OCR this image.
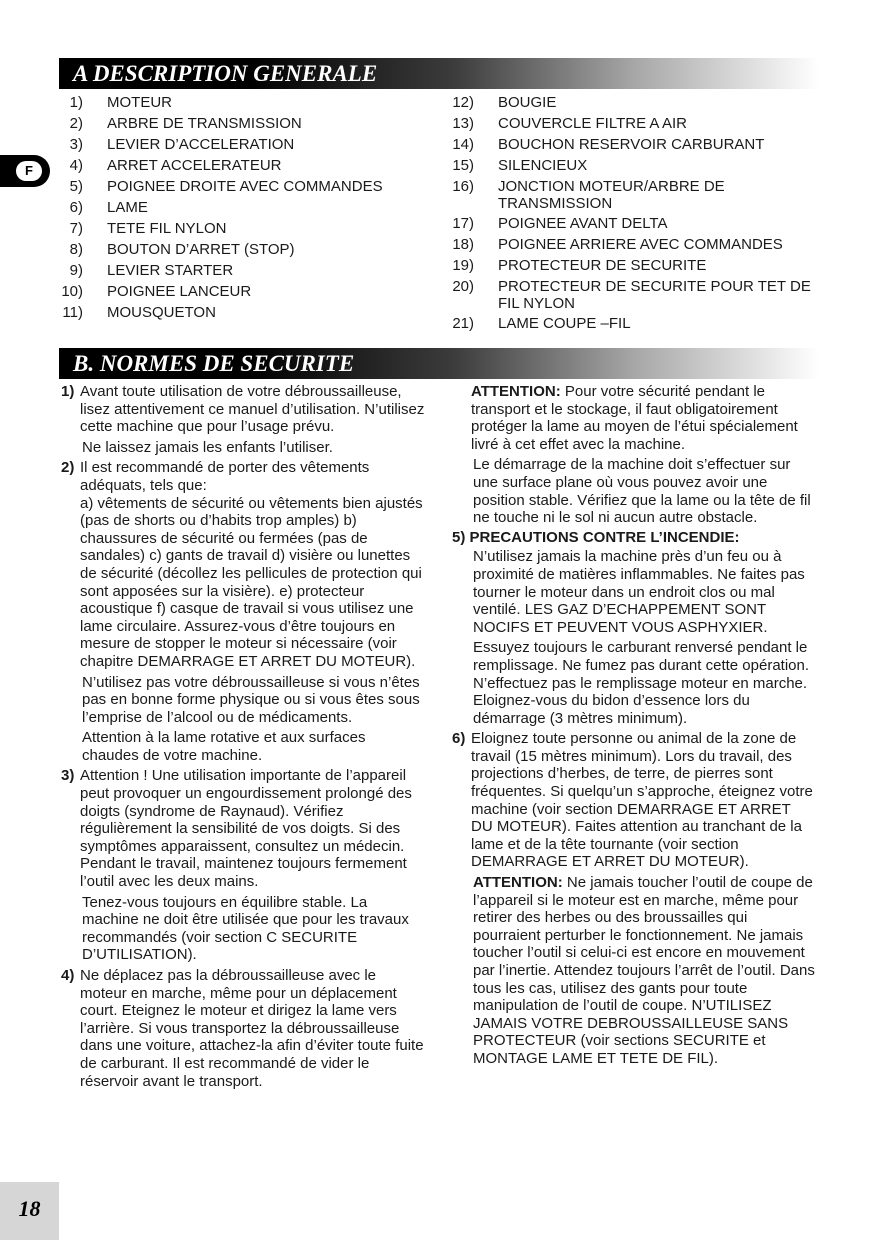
A DESCRIPTION GENERALE
F
1) MOTEUR
2) ARBRE DE TRANSMISSION
3) LEVIER D’ACCELERATION
4) ARRET ACCELERATEUR
5) POIGNEE DROITE AVEC COMMANDES
6) LAME
7) TETE FIL NYLON
8) BOUTON D’ARRET (STOP)
9) LEVIER STARTER
10) POIGNEE LANCEUR
11) MOUSQUETON
12) BOUGIE
13) COUVERCLE FILTRE A AIR
14) BOUCHON RESERVOIR CARBURANT
15) SILENCIEUX
16) JONCTION MOTEUR/ARBRE DE TRANSMISSION
17) POIGNEE AVANT DELTA
18) POIGNEE ARRIERE AVEC COMMANDES
19) PROTECTEUR DE SECURITE
20) PROTECTEUR DE SECURITE POUR TET DE FIL NYLON
21) LAME COUPE –FIL
B. NORMES DE SECURITE
1) Avant toute utilisation de votre débroussailleuse, lisez attentivement ce manuel d’utilisation. N’utilisez cette machine que pour l’usage prévu.

Ne laissez jamais les enfants l’utiliser.

2) Il est recommandé de porter des vêtements adéquats, tels que:

a) vêtements de sécurité ou vêtements bien ajustés (pas de shorts ou d’habits trop amples) b) chaussures de sécurité ou fermées (pas de sandales) c) gants de travail d) visière ou lunettes de sécurité (décollez les pellicules de protection qui sont apposées sur la visière). e) protecteur acoustique f) casque de travail si vous utilisez une lame circulaire. Assurez-vous d’être toujours en mesure de stopper le moteur si nécessaire (voir chapitre DEMARRAGE ET ARRET DU MOTEUR).

N’utilisez pas votre débroussailleuse si vous n’êtes pas en bonne forme physique ou si vous êtes sous l’emprise de l’alcool ou de médicaments.

Attention à la lame rotative et aux surfaces chaudes de votre machine.

3) Attention ! Une utilisation importante de l’appareil peut provoquer un engourdissement prolongé des doigts (syndrome de Raynaud). Vérifiez régulièrement la sensibilité de vos doigts. Si des symptômes apparaissent, consultez un médecin. Pendant le travail, maintenez toujours fermement l’outil avec les deux mains.

Tenez-vous toujours en équilibre stable. La machine ne doit être utilisée que pour les travaux recommandés (voir section C SECURITE D’UTILISATION).

4) Ne déplacez pas la débroussailleuse avec le moteur en marche, même pour un déplacement court. Eteignez le moteur et dirigez la lame vers l’arrière. Si vous transportez la débroussailleuse dans une voiture, attachez-la afin d’éviter toute fuite de carburant. Il est recommandé de vider le réservoir avant le transport.

ATTENTION: Pour votre sécurité pendant le transport et le stockage, il faut obligatoirement protéger la lame au moyen de l’étui spécialement livré à cet effet avec la machine.

Le démarrage de la machine doit s’effectuer sur une surface plane où vous pouvez avoir une position stable. Vérifiez que la lame ou la tête de fil ne touche ni le sol ni aucun autre obstacle.

5) PRECAUTIONS CONTRE L’INCENDIE:

N’utilisez jamais la machine près d’un feu ou à proximité de matières inflammables. Ne faites pas tourner le moteur dans un endroit clos ou mal ventilé. LES GAZ D’ECHAPPEMENT SONT NOCIFS ET PEUVENT VOUS ASPHYXIER.

Essuyez toujours le carburant renversé pendant le remplissage. Ne fumez pas durant cette opération. N’effectuez pas le remplissage moteur en marche. Eloignez-vous du bidon d’essence lors du démarrage (3 mètres minimum).

6) Eloignez toute personne ou animal de la zone de travail (15 mètres minimum). Lors du travail, des projections d’herbes, de terre, de pierres sont fréquentes. Si quelqu’un s’approche, éteignez votre machine (voir section DEMARRAGE ET ARRET DU MOTEUR). Faites attention au tranchant de la lame et de la tête tournante (voir section DEMARRAGE ET ARRET DU MOTEUR).

ATTENTION: Ne jamais toucher l’outil de coupe de l’appareil si le moteur est en marche, même pour retirer des herbes ou des broussailles qui pourraient perturber le fonctionnement. Ne jamais toucher l’outil si celui-ci est encore en mouvement par l’inertie. Attendez toujours l’arrêt de l’outil. Dans tous les cas, utilisez des gants pour toute manipulation de l’outil de coupe. N’UTILISEZ JAMAIS VOTRE DEBROUSSAILLEUSE SANS PROTECTEUR (voir sections SECURITE et MONTAGE LAME ET TETE DE FIL).

18
